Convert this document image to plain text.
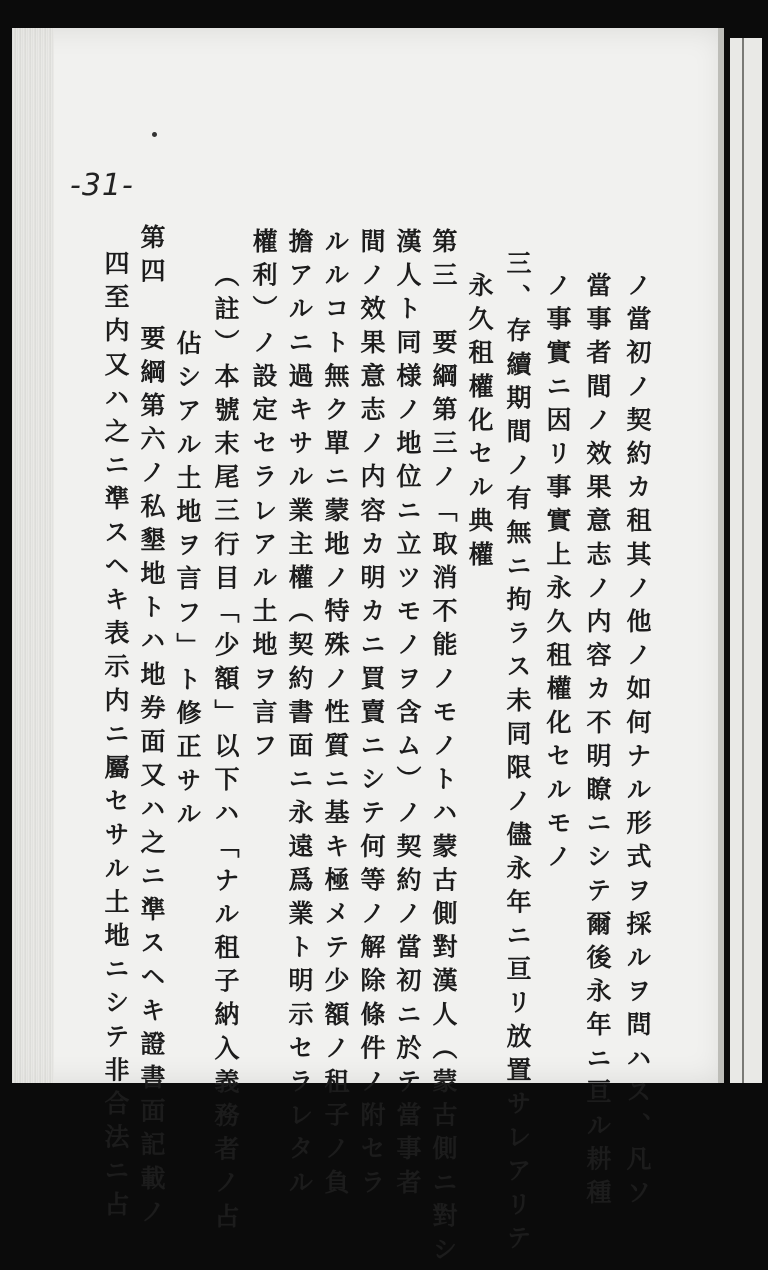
-31-
ノ當初ノ契約カ租其ノ他ノ如何ナル形式ヲ採ルヲ問ハス、凡ソ
當事者間ノ效果意志ノ内容カ不明瞭ニシテ爾後永年ニ亘ル耕種
ノ事實ニ因リ事實上永久租權化セルモノ
三、存續期間ノ有無ニ拘ラス未同限ノ儘永年ニ亘リ放置サレアリテ
永久租權化セル典權
第三　要綱第三ノ「取消不能ノモノトハ蒙古側對漢人（蒙古側ニ對シ
漢人ト同様ノ地位ニ立ツモノヲ含ム）ノ契約ノ當初ニ於テ當事者
間ノ效果意志ノ内容カ明カニ買賣ニシテ何等ノ解除條件ノ附セラ
ルルコト無ク單ニ蒙地ノ特殊ノ性質ニ基キ極メテ少額ノ租子ノ負
擔アルニ過キサル業主權（契約書面ニ永遠爲業ト明示セラレタル
權利）ノ設定セラレアル土地ヲ言フ
（註）本號末尾三行目「少額」以下ハ「ナル租子納入義務者ノ占
佔シアル土地ヲ言フ」ト修正サル
第四　要綱第六ノ私墾地トハ地券面又ハ之ニ準スヘキ證書面記載ノ
四至内又ハ之ニ準スヘキ表示内ニ屬セサル土地ニシテ非合法ニ占
